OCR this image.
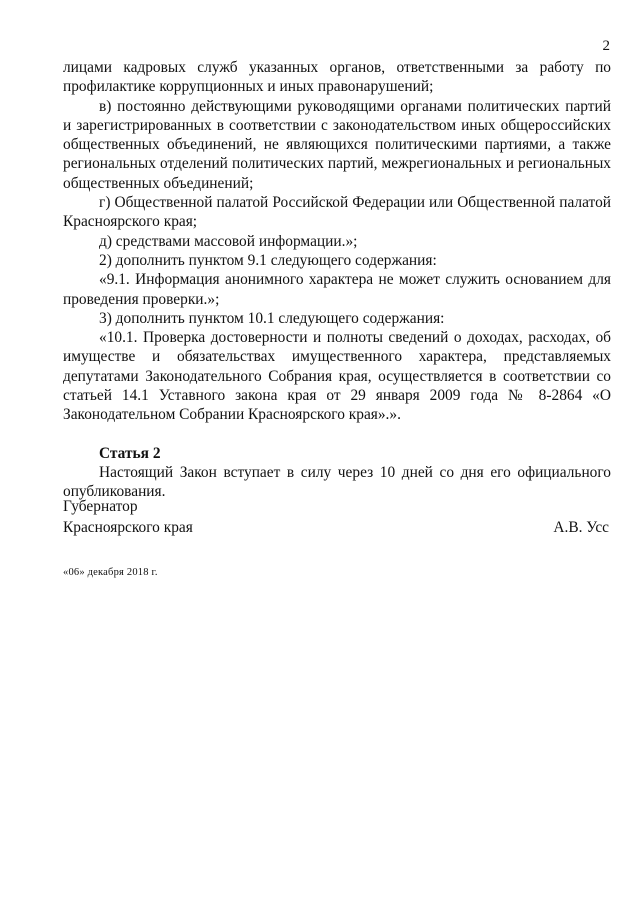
2

лицами кадровых служб указанных органов, ответственными за работу по профилактике коррупционных и иных правонарушений;

в) постоянно действующими руководящими органами политических партий и зарегистрированных в соответствии с законодательством иных общероссийских общественных объединений, не являющихся политическими партиями, а также региональных отделений политических партий, межрегиональных и региональных общественных объединений;

г) Общественной палатой Российской Федерации или Общественной палатой Красноярского края;

д) средствами массовой информации.»;

2) дополнить пунктом 9.1 следующего содержания:

«9.1. Информация анонимного характера не может служить основанием для проведения проверки.»;

3) дополнить пунктом 10.1 следующего содержания:

«10.1. Проверка достоверности и полноты сведений о доходах, расходах, об имуществе и обязательствах имущественного характера, представляемых депутатами Законодательного Собрания края, осуществляется в соответствии со статьей 14.1 Уставного закона края от 29 января 2009 года № 8-2864 «О Законодательном Собрании Красноярского края».».

Статья 2

Настоящий Закон вступает в силу через 10 дней со дня его официального опубликования.

Губернатор
Красноярского края	А.В. Усс
«06» декабря 2018 г.
